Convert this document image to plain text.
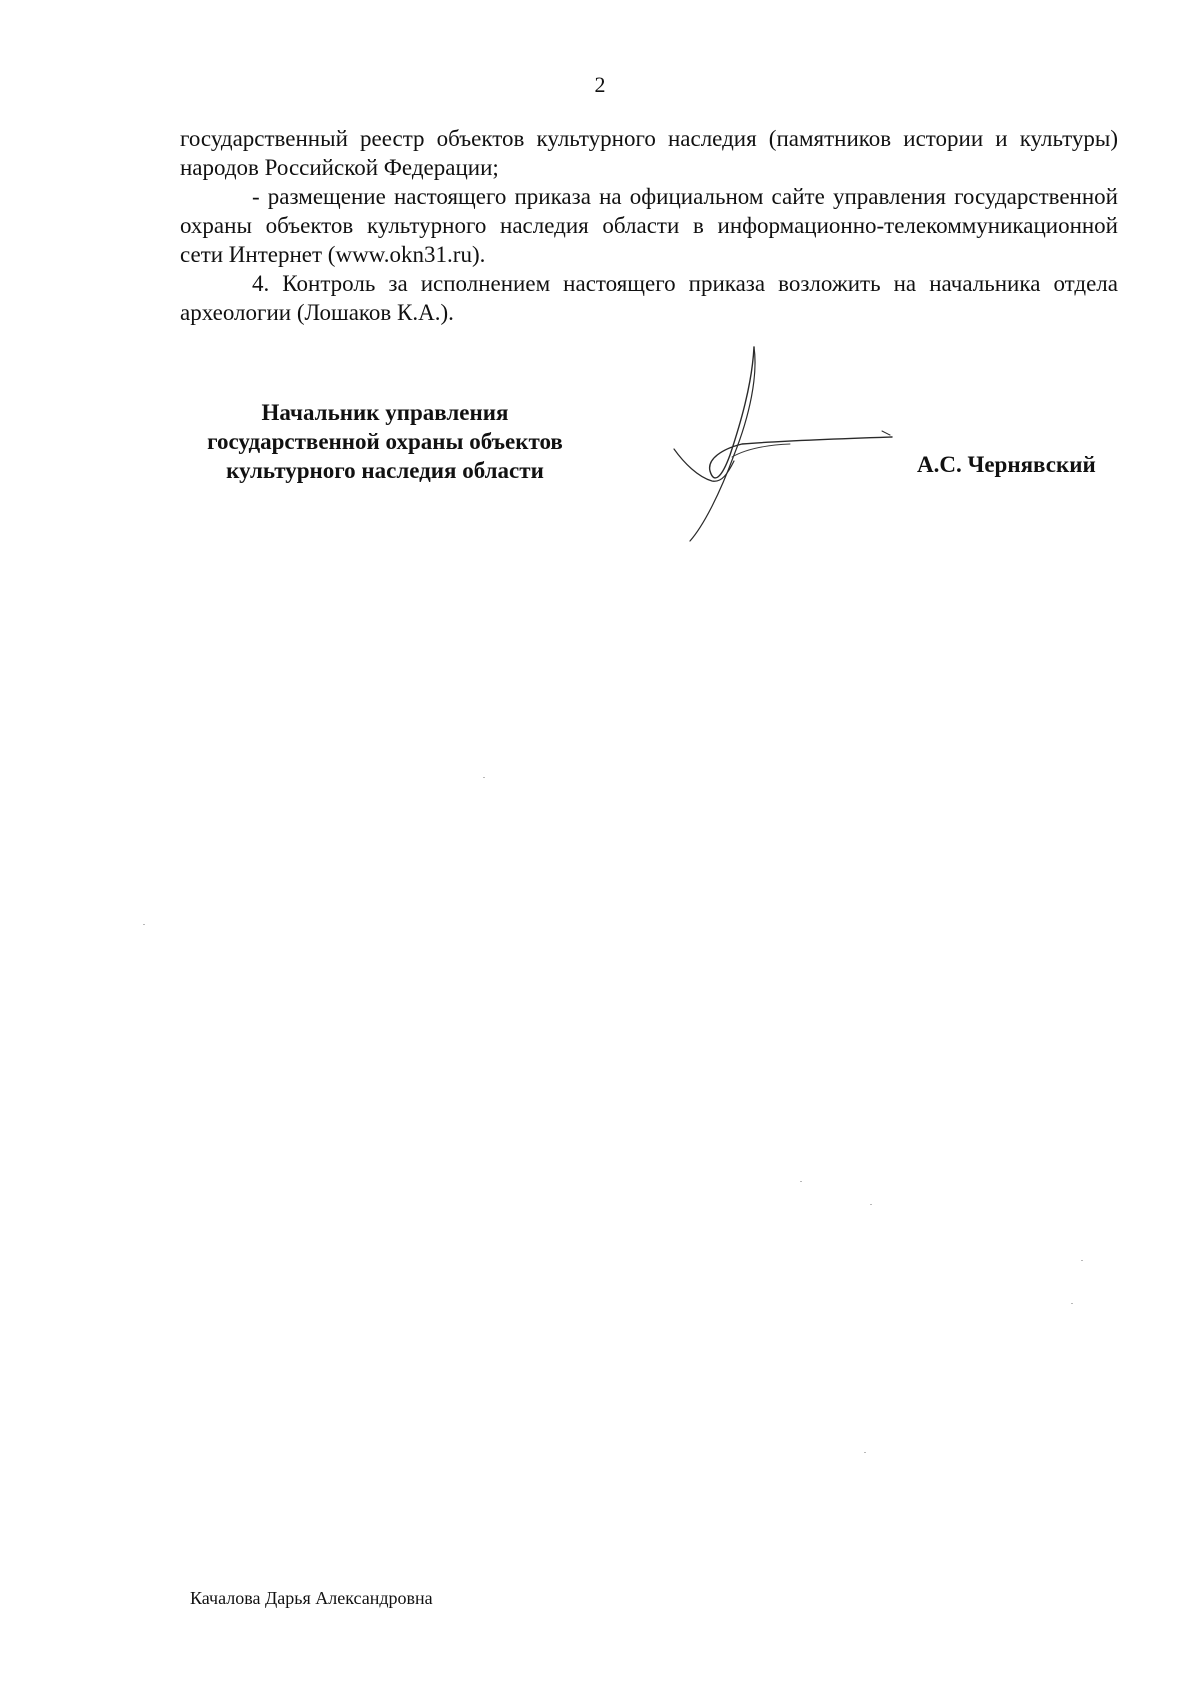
2

государственный реестр объектов культурного наследия (памятников истории и культуры) народов Российской Федерации;

- размещение настоящего приказа на официальном сайте управления государственной охраны объектов культурного наследия области в информационно-телекоммуникационной сети Интернет (www.okn31.ru).

4. Контроль за исполнением настоящего приказа возложить на начальника отдела археологии (Лошаков К.А.).

Начальник управления
государственной охраны объектов
культурного наследия области	А.С. Чернявский
Качалова Дарья Александровна
